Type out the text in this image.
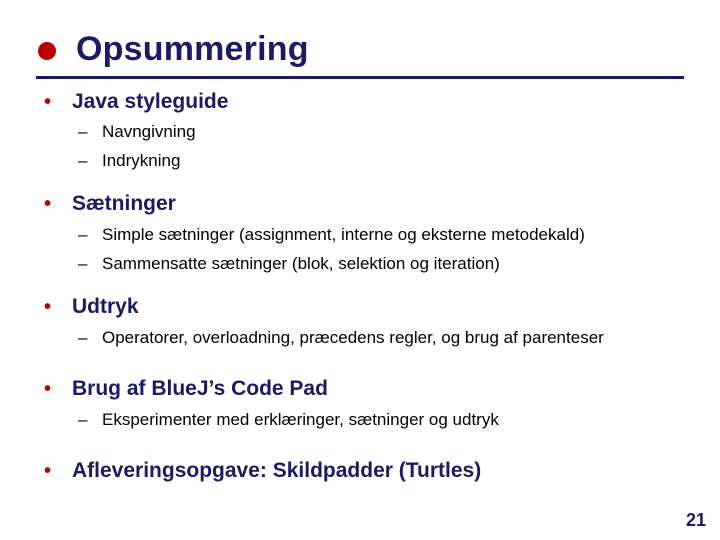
Opsummering
• Java styleguide
– Navngivning
– Indrykning
• Sætninger
– Simple sætninger (assignment, interne og eksterne metodekald)
– Sammensatte sætninger (blok, selektion og iteration)
• Udtryk
– Operatorer, overloadning, præcedens regler, og brug af parenteser
• Brug af BlueJ’s Code Pad
– Eksperimenter med erklæringer, sætninger og udtryk
• Afleveringsopgave: Skildpadder (Turtles)
21
